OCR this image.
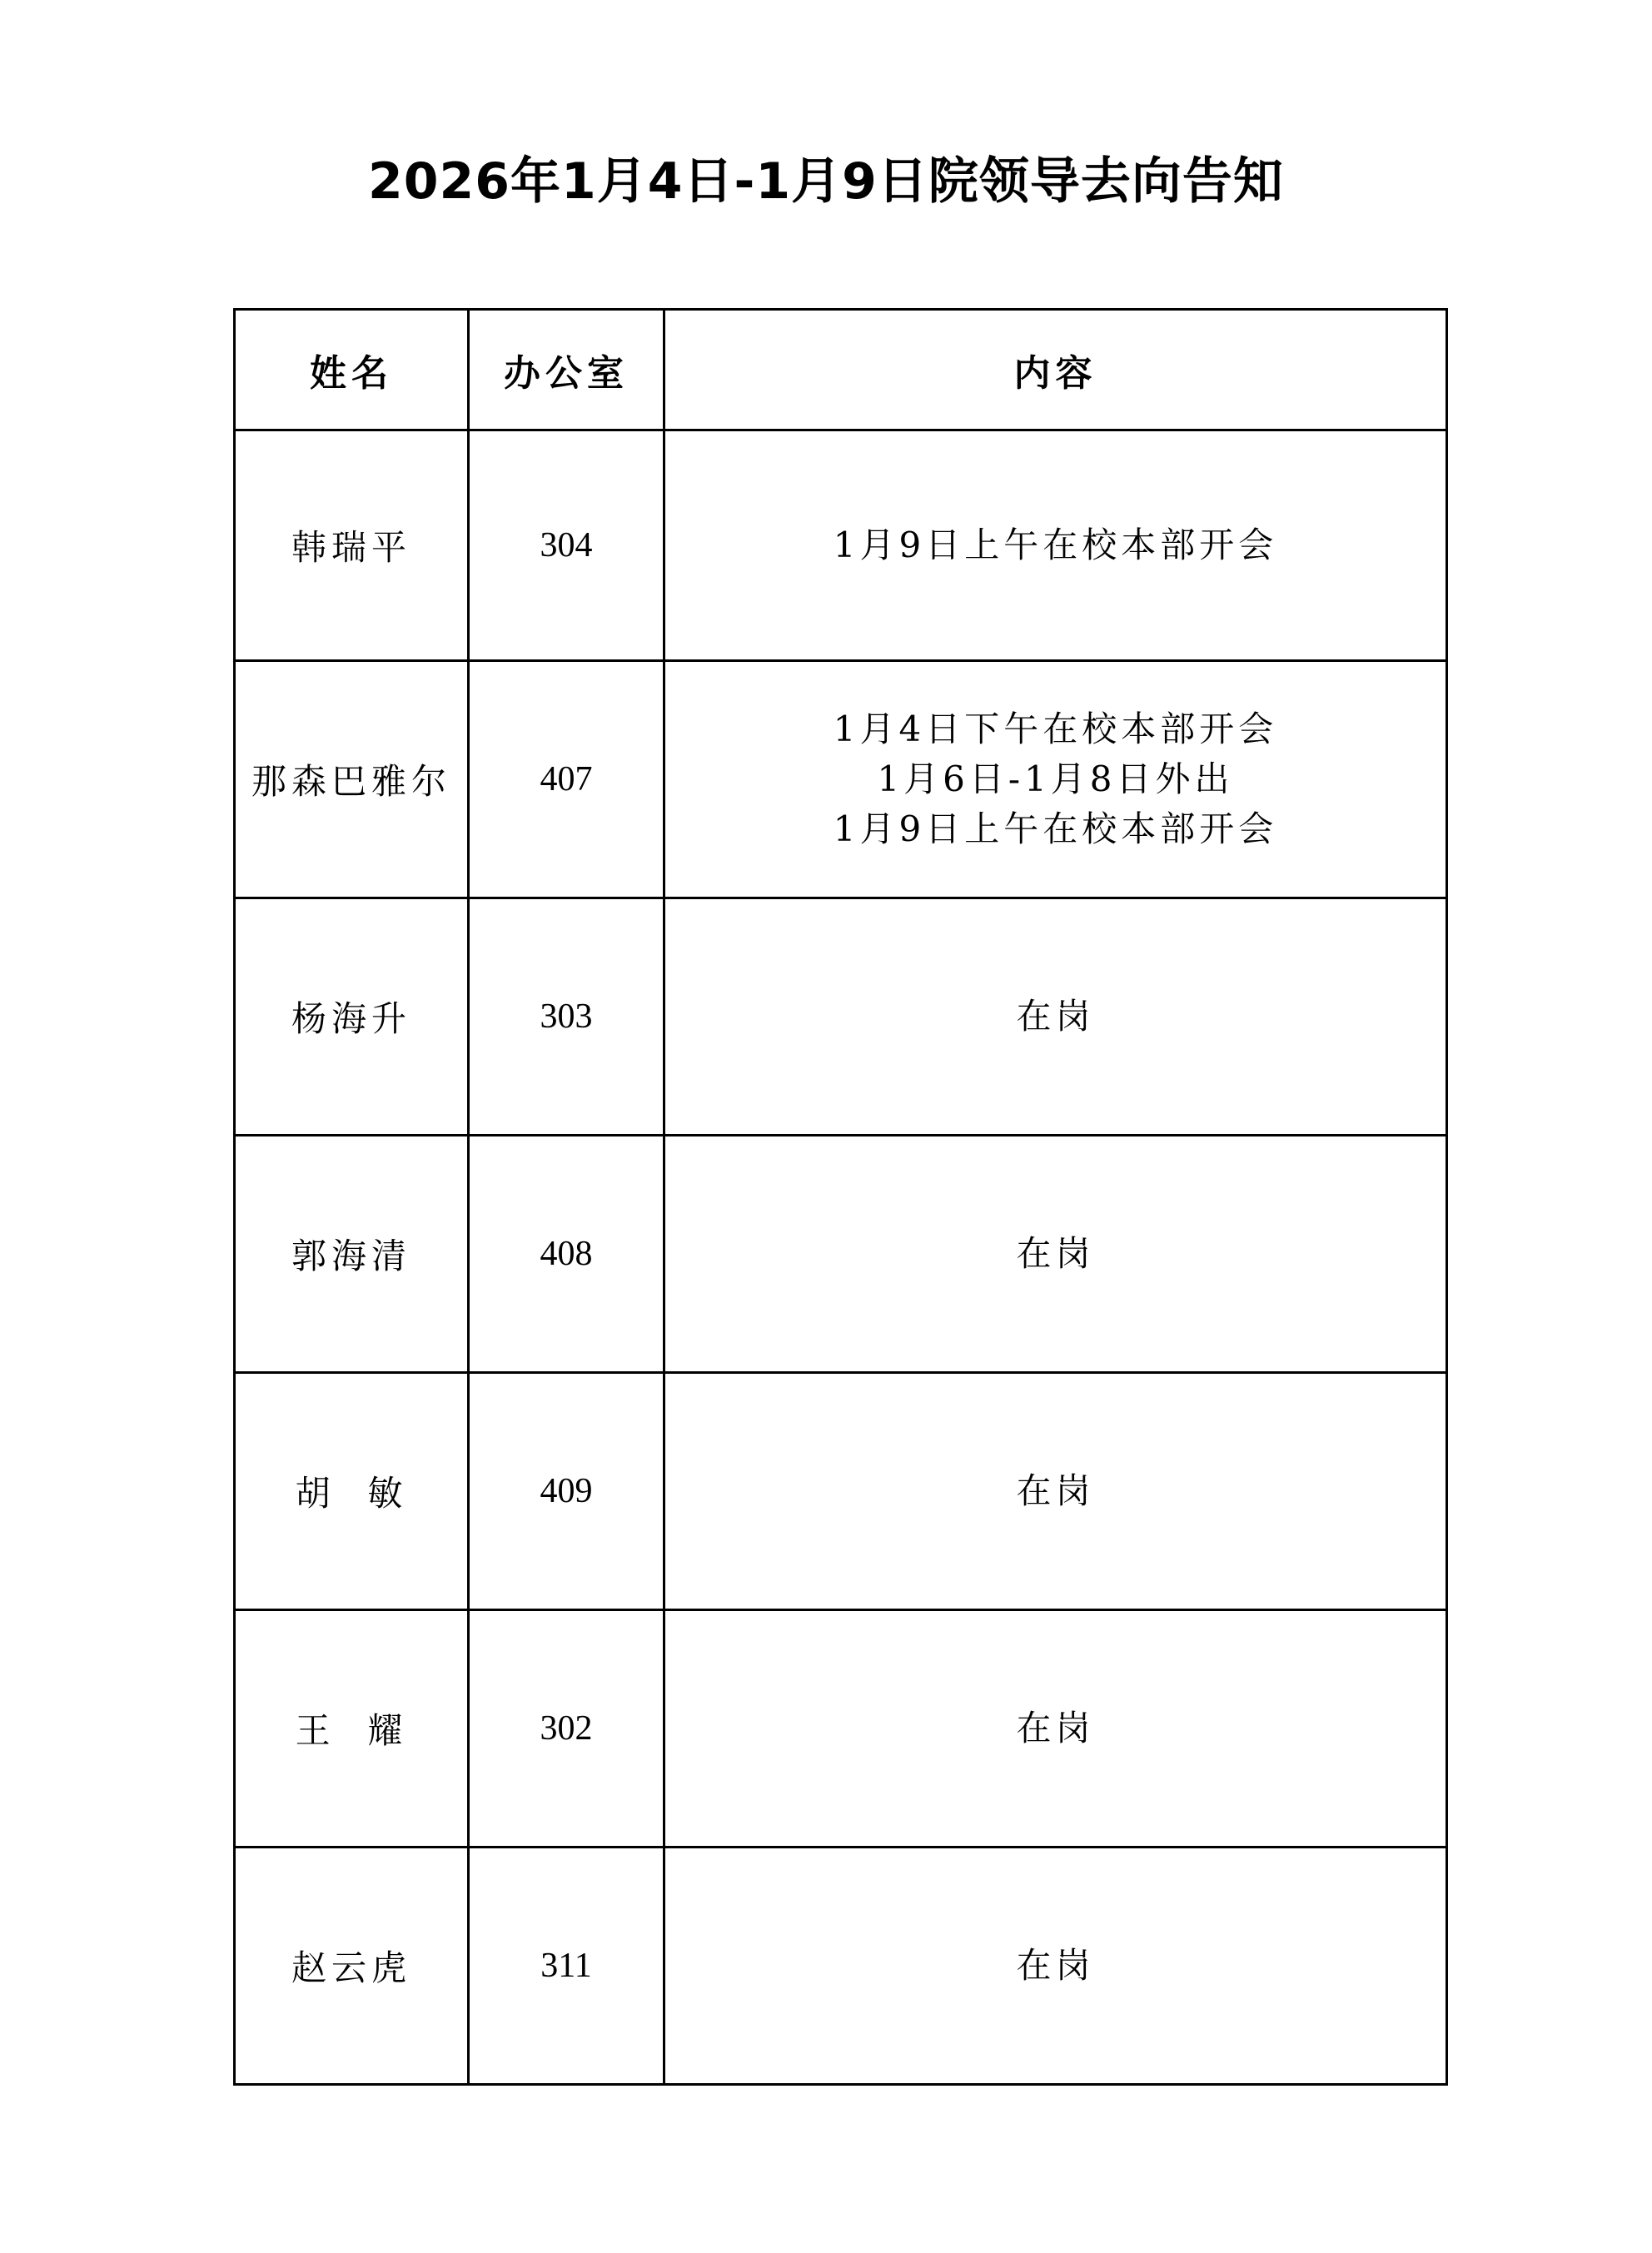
2026年1月4日-1月9日院领导去向告知
姓名	办公室	内容
韩瑞平	304	1月9日上午在校本部开会

那森巴雅尔	407	1月4日下午在校本部开会
1月6日-1月8日外出
1月9日上午在校本部开会

杨海升	303	在岗

郭海清	408	在岗

胡  敏	409	在岗

王  耀	302	在岗

赵云虎	311	在岗
